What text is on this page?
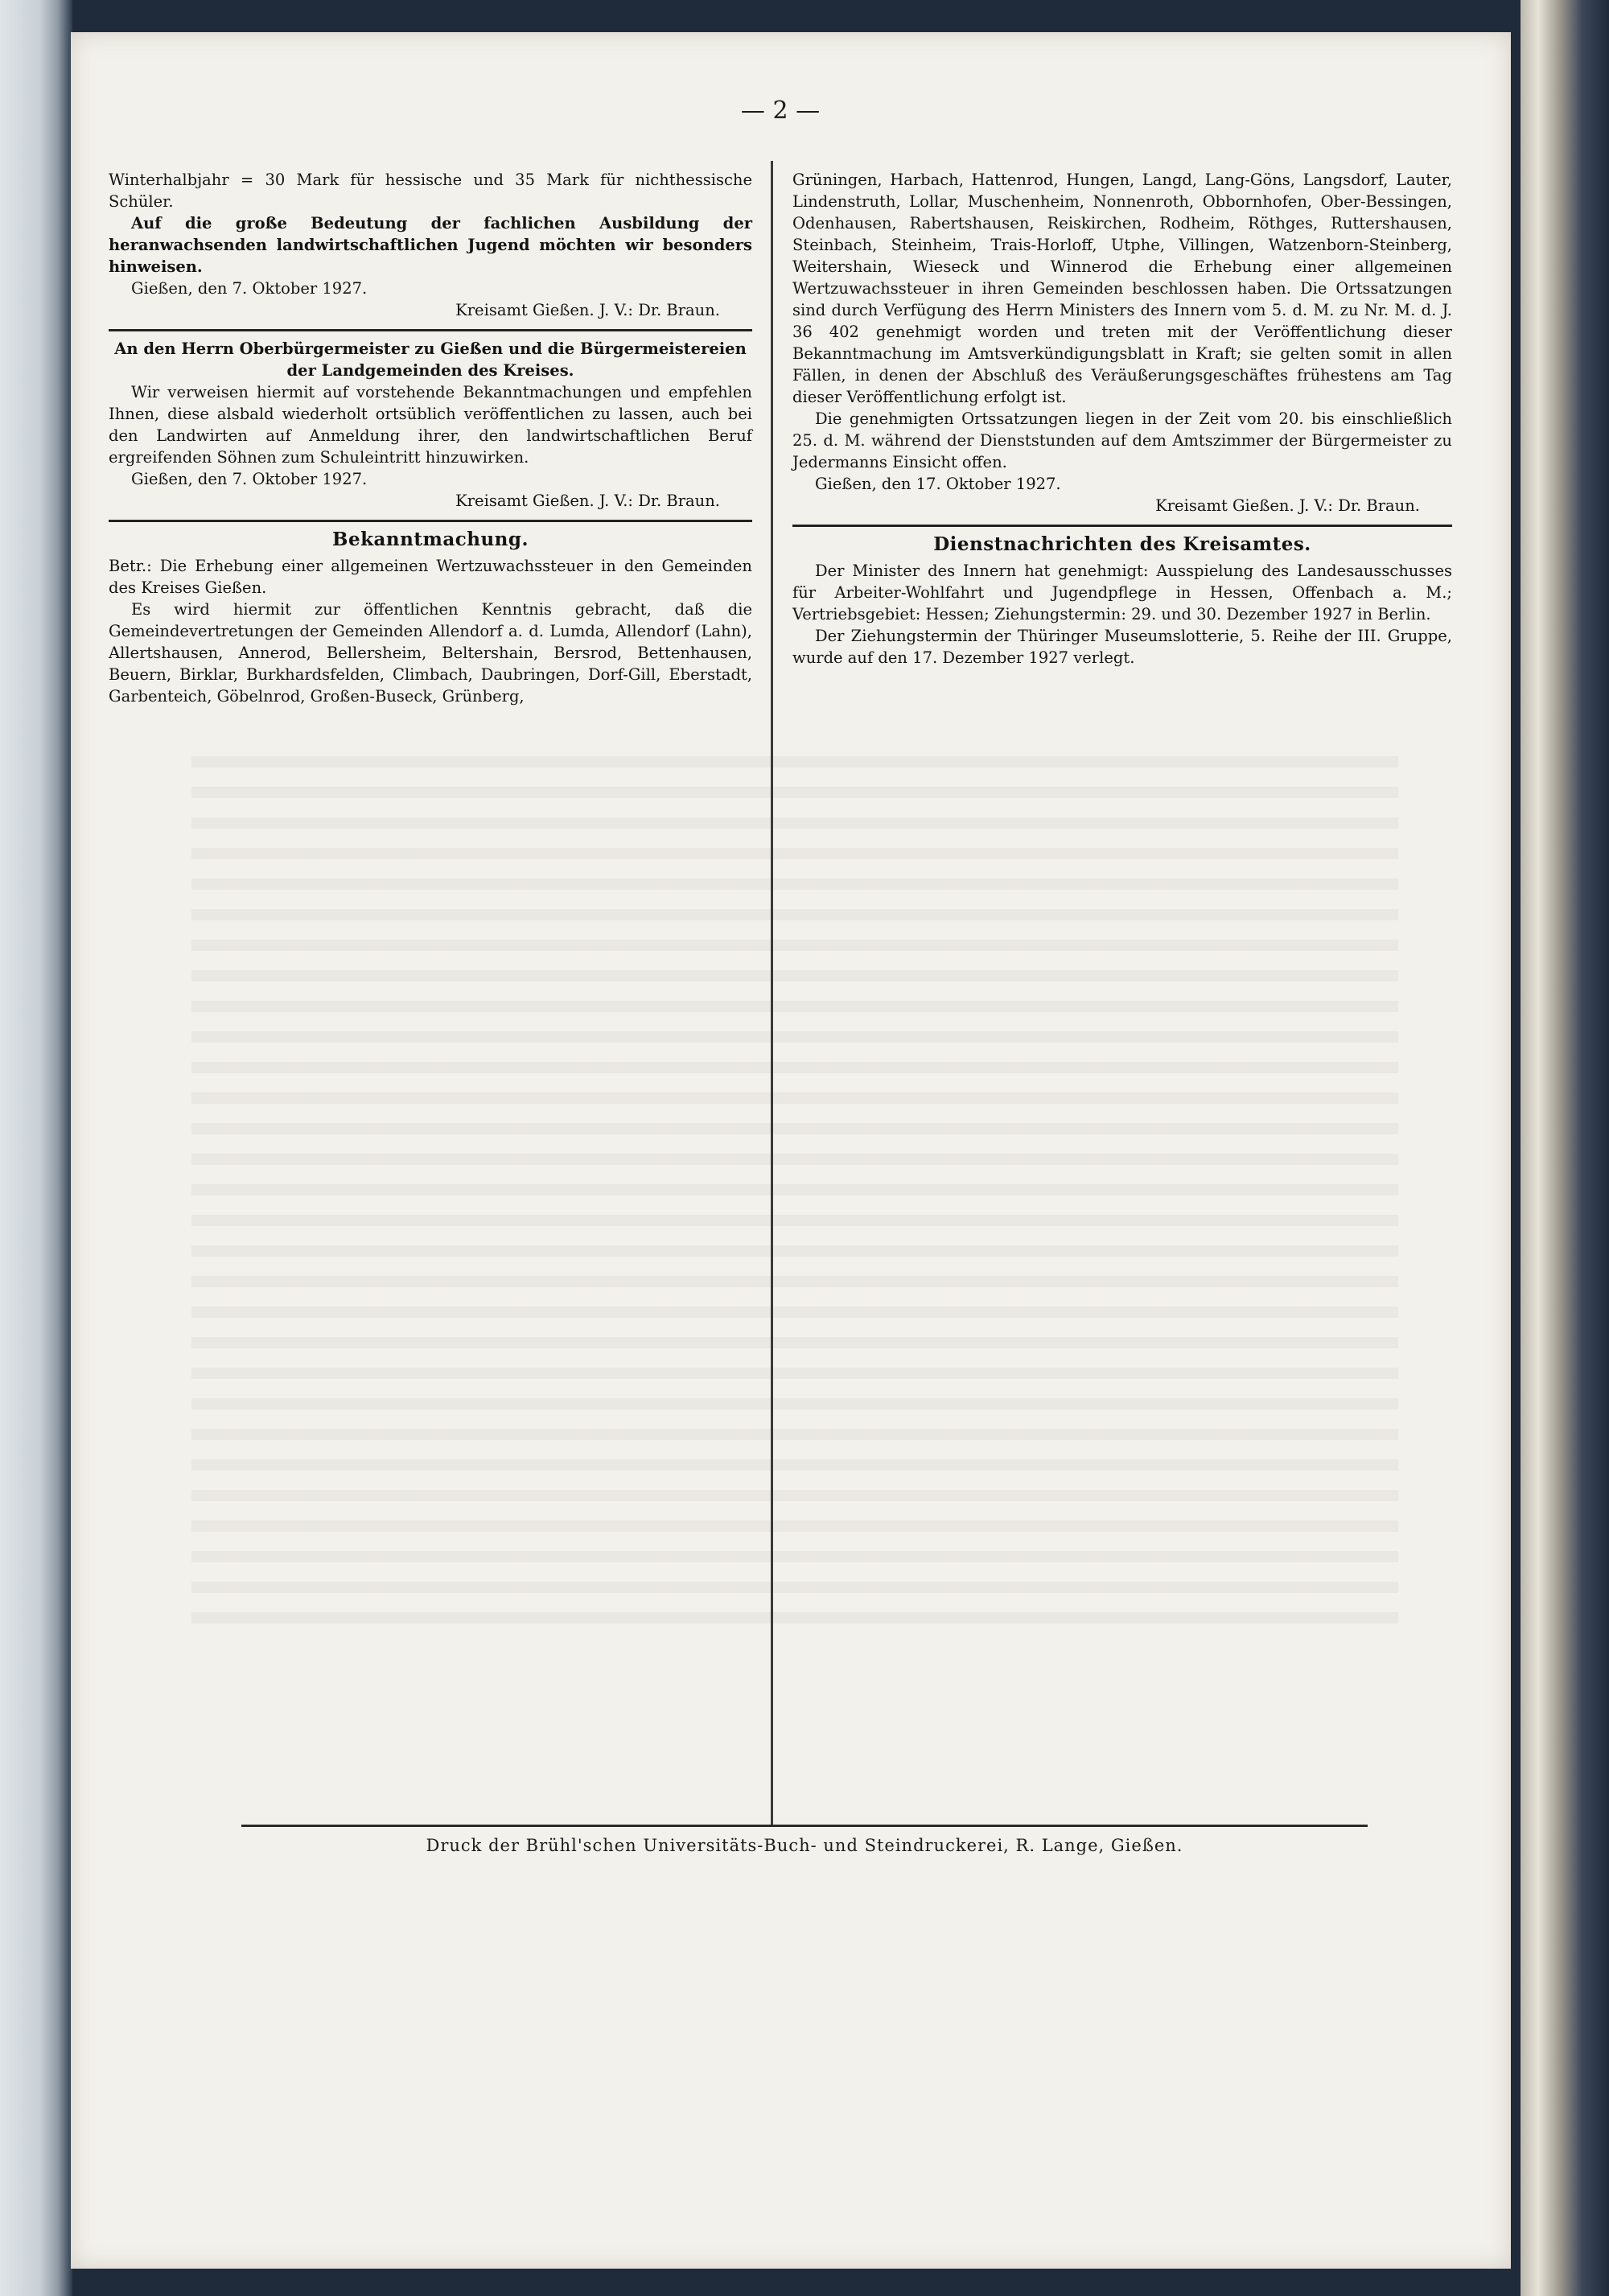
— 2 —

Winterhalbjahr = 30 Mark für hessische und 35 Mark für nichthessische Schüler.

Auf die große Bedeutung der fachlichen Ausbildung der heranwachsenden landwirtschaftlichen Jugend möchten wir besonders hinweisen.

Gießen, den 7. Oktober 1927.

Kreisamt Gießen. J. V.: Dr. Braun.

An den Herrn Oberbürgermeister zu Gießen und die Bürgermeistereien der Landgemeinden des Kreises.

Wir verweisen hiermit auf vorstehende Bekanntmachungen und empfehlen Ihnen, diese alsbald wiederholt ortsüblich veröffentlichen zu lassen, auch bei den Landwirten auf Anmeldung ihrer, den landwirtschaftlichen Beruf ergreifenden Söhnen zum Schuleintritt hinzuwirken.

Gießen, den 7. Oktober 1927.

Kreisamt Gießen. J. V.: Dr. Braun.

Bekanntmachung.

Betr.: Die Erhebung einer allgemeinen Wertzuwachssteuer in den Gemeinden des Kreises Gießen.

Es wird hiermit zur öffentlichen Kenntnis gebracht, daß die Gemeindevertretungen der Gemeinden Allendorf a. d. Lumda, Allendorf (Lahn), Allertshausen, Annerod, Bellersheim, Beltershain, Bersrod, Bettenhausen, Beuern, Birklar, Burkhardsfelden, Climbach, Daubringen, Dorf-Gill, Eberstadt, Garbenteich, Göbelnrod, Großen-Buseck, Grünberg,

Grüningen, Harbach, Hattenrod, Hungen, Langd, Lang-Göns, Langsdorf, Lauter, Lindenstruth, Lollar, Muschenheim, Nonnenroth, Obbornhofen, Ober-Bessingen, Odenhausen, Rabertshausen, Reiskirchen, Rodheim, Röthges, Ruttershausen, Steinbach, Steinheim, Trais-Horloff, Utphe, Villingen, Watzenborn-Steinberg, Weitershain, Wieseck und Winnerod die Erhebung einer allgemeinen Wertzuwachssteuer in ihren Gemeinden beschlossen haben. Die Ortssatzungen sind durch Verfügung des Herrn Ministers des Innern vom 5. d. M. zu Nr. M. d. J. 36 402 genehmigt worden und treten mit der Veröffentlichung dieser Bekanntmachung im Amtsverkündigungsblatt in Kraft; sie gelten somit in allen Fällen, in denen der Abschluß des Veräußerungsgeschäftes frühestens am Tag dieser Veröffentlichung erfolgt ist.

Die genehmigten Ortssatzungen liegen in der Zeit vom 20. bis einschließlich 25. d. M. während der Dienststunden auf dem Amtszimmer der Bürgermeister zu Jedermanns Einsicht offen.

Gießen, den 17. Oktober 1927.

Kreisamt Gießen. J. V.: Dr. Braun.

Dienstnachrichten des Kreisamtes.

Der Minister des Innern hat genehmigt: Ausspielung des Landesausschusses für Arbeiter-Wohlfahrt und Jugendpflege in Hessen, Offenbach a. M.; Vertriebsgebiet: Hessen; Ziehungstermin: 29. und 30. Dezember 1927 in Berlin.

Der Ziehungstermin der Thüringer Museumslotterie, 5. Reihe der III. Gruppe, wurde auf den 17. Dezember 1927 verlegt.

Druck der Brühl'schen Universitäts-Buch- und Steindruckerei, R. Lange, Gießen.
